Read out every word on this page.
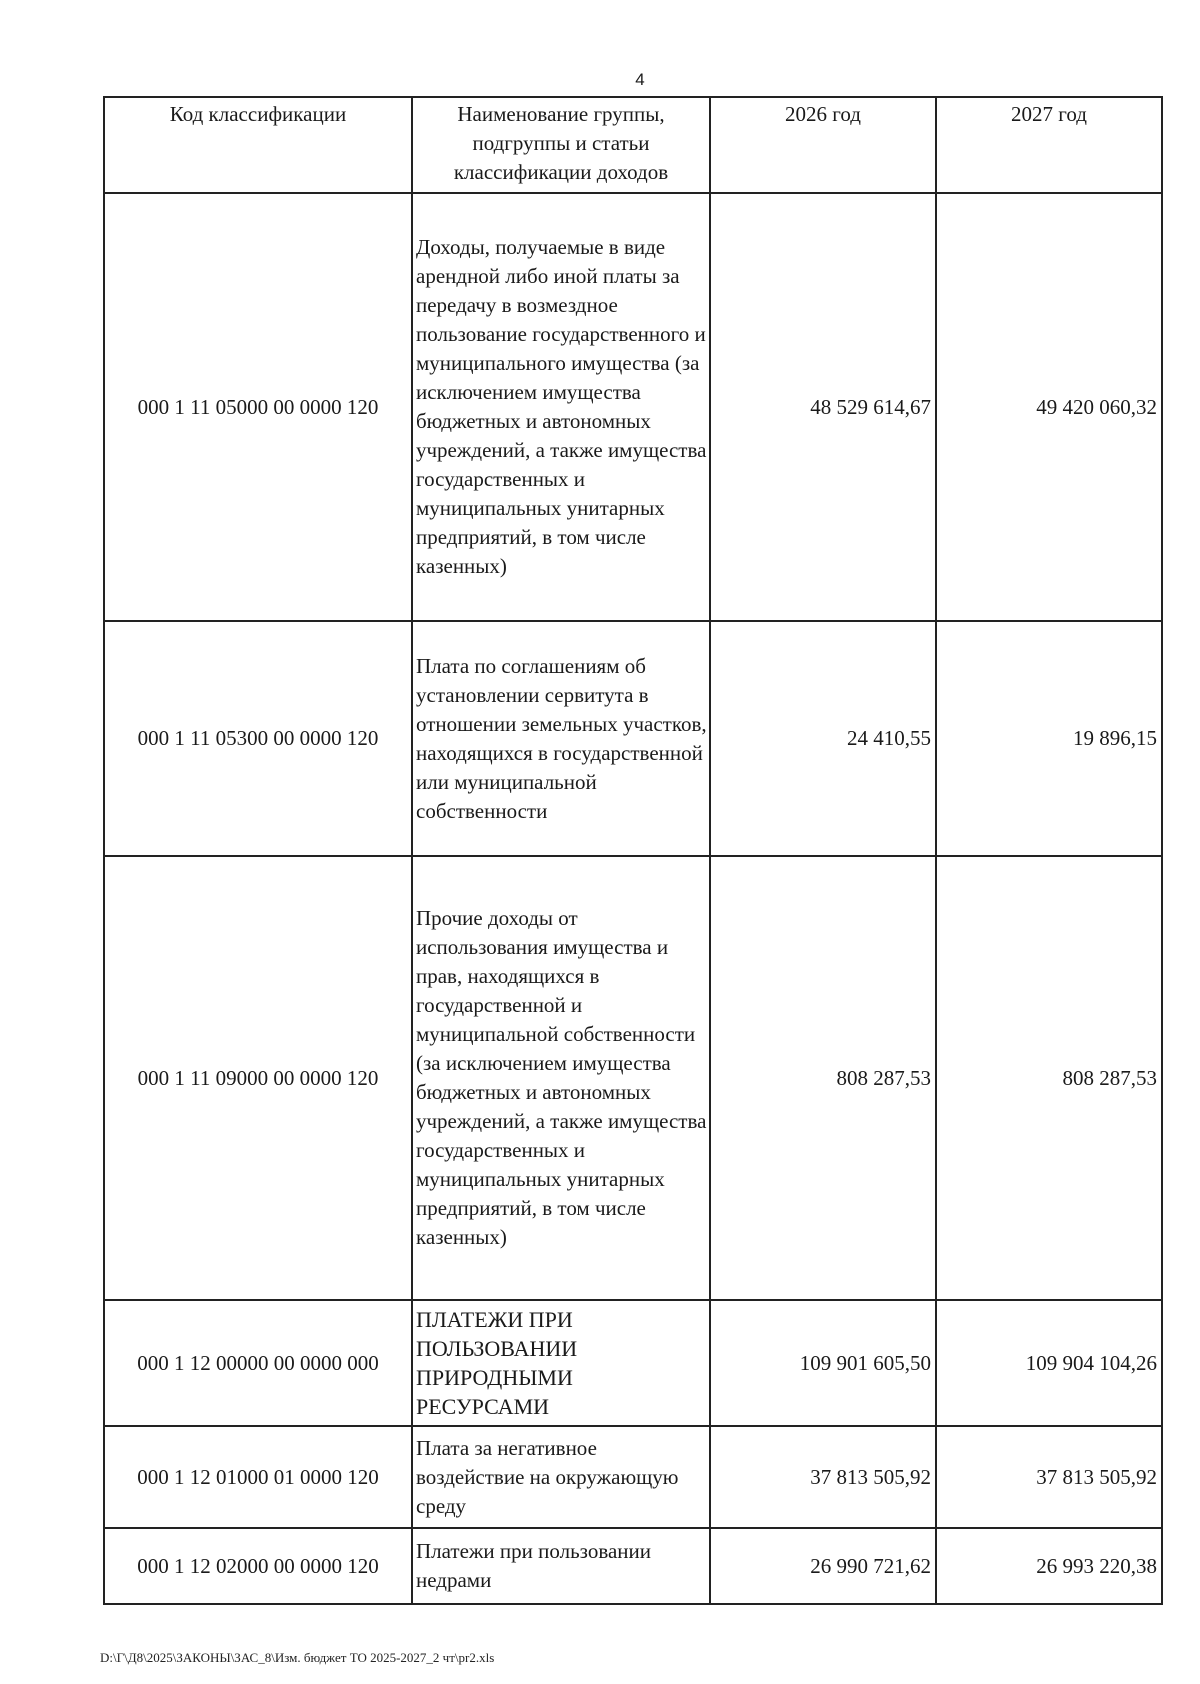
4
Код классификации	Наименование группы, подгруппы и статьи классификации доходов	2026 год	2027 год
000 1 11 05000 00 0000 120	Доходы, получаемые в виде арендной либо иной платы за передачу в возмездное пользование государственного и муниципального имущества (за исключением имущества бюджетных и автономных учреждений, а также имущества государственных и муниципальных унитарных предприятий, в том числе казенных)	48 529 614,67	49 420 060,32
000 1 11 05300 00 0000 120	Плата по соглашениям об установлении сервитута в отношении земельных участков, находящихся в государственной или муниципальной собственности	24 410,55	19 896,15
000 1 11 09000 00 0000 120	Прочие доходы от использования имущества и прав, находящихся в государственной и муниципальной собственности (за исключением имущества бюджетных и автономных учреждений, а также имущества государственных и муниципальных унитарных предприятий, в том числе казенных)	808 287,53	808 287,53
000 1 12 00000 00 0000 000	ПЛАТЕЖИ ПРИ ПОЛЬЗОВАНИИ ПРИРОДНЫМИ РЕСУРСАМИ	109 901 605,50	109 904 104,26
000 1 12 01000 01 0000 120	Плата за негативное воздействие на окружающую среду	37 813 505,92	37 813 505,92
000 1 12 02000 00 0000 120	Платежи при пользовании недрами	26 990 721,62	26 993 220,38
D:\Г\Д8\2025\ЗАКОНЫ\ЗАС_8\Изм. бюджет ТО 2025-2027_2 чт\pr2.xls
